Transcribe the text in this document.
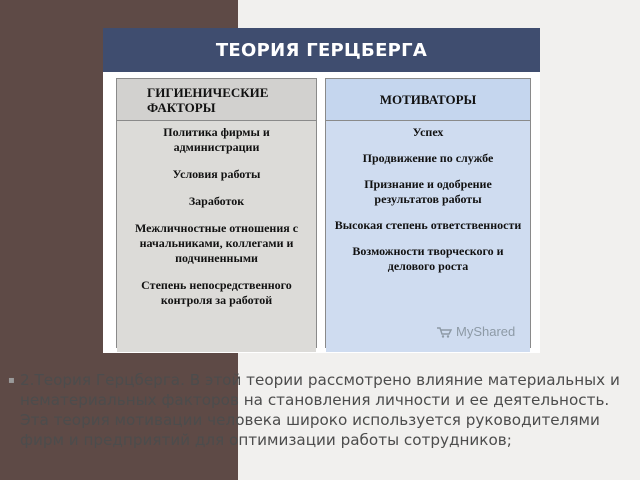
ТЕОРИЯ ГЕРЦБЕРГА
ГИГИЕНИЧЕСКИЕ
ФАКТОРЫ
Политика фирмы и администрации
Условия работы
Заработок
Межличностные отношения с начальниками, коллегами и подчиненными
Степень непосредственного контроля за работой
МОТИВАТОРЫ
Успех
Продвижение по службе
Признание и одобрение результатов работы
Высокая степень ответственности
Возможности творческого и делового роста
MyShared
▪ 2.Теория Герцберга. В этой теории рассмотрено влияние материальных и нематериальных факторов на становления личности и ее деятельность. Эта теория мотивации человека широко используется руководителями фирм и предприятий для оптимизации работы сотрудников;
